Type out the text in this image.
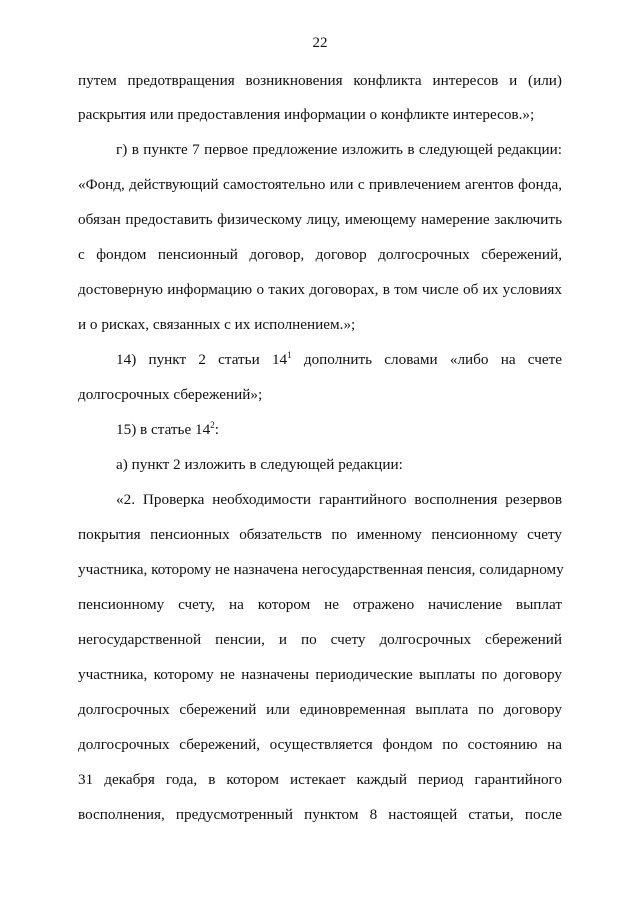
22
путем предотвращения возникновения конфликта интересов и (или)
раскрытия или предоставления информации о конфликте интересов.»;
г) в пункте 7 первое предложение изложить в следующей редакции:
«Фонд, действующий самостоятельно или с привлечением агентов фонда,
обязан предоставить физическому лицу, имеющему намерение заключить
с фондом пенсионный договор, договор долгосрочных сбережений,
достоверную информацию о таких договорах, в том числе об их условиях
и о рисках, связанных с их исполнением.»;
14) пункт 2 статьи $14^1$ дополнить словами «либо на счете
долгосрочных сбережений»;
15) в статье $14^2$:
а) пункт 2 изложить в следующей редакции:
«2. Проверка необходимости гарантийного восполнения резервов
покрытия пенсионных обязательств по именному пенсионному счету
участника, которому не назначена негосударственная пенсия, солидарному
пенсионному счету, на котором не отражено начисление выплат
негосударственной пенсии, и по счету долгосрочных сбережений
участника, которому не назначены периодические выплаты по договору
долгосрочных сбережений или единовременная выплата по договору
долгосрочных сбережений, осуществляется фондом по состоянию на
31 декабря года, в котором истекает каждый период гарантийного
восполнения, предусмотренный пунктом 8 настоящей статьи, после
